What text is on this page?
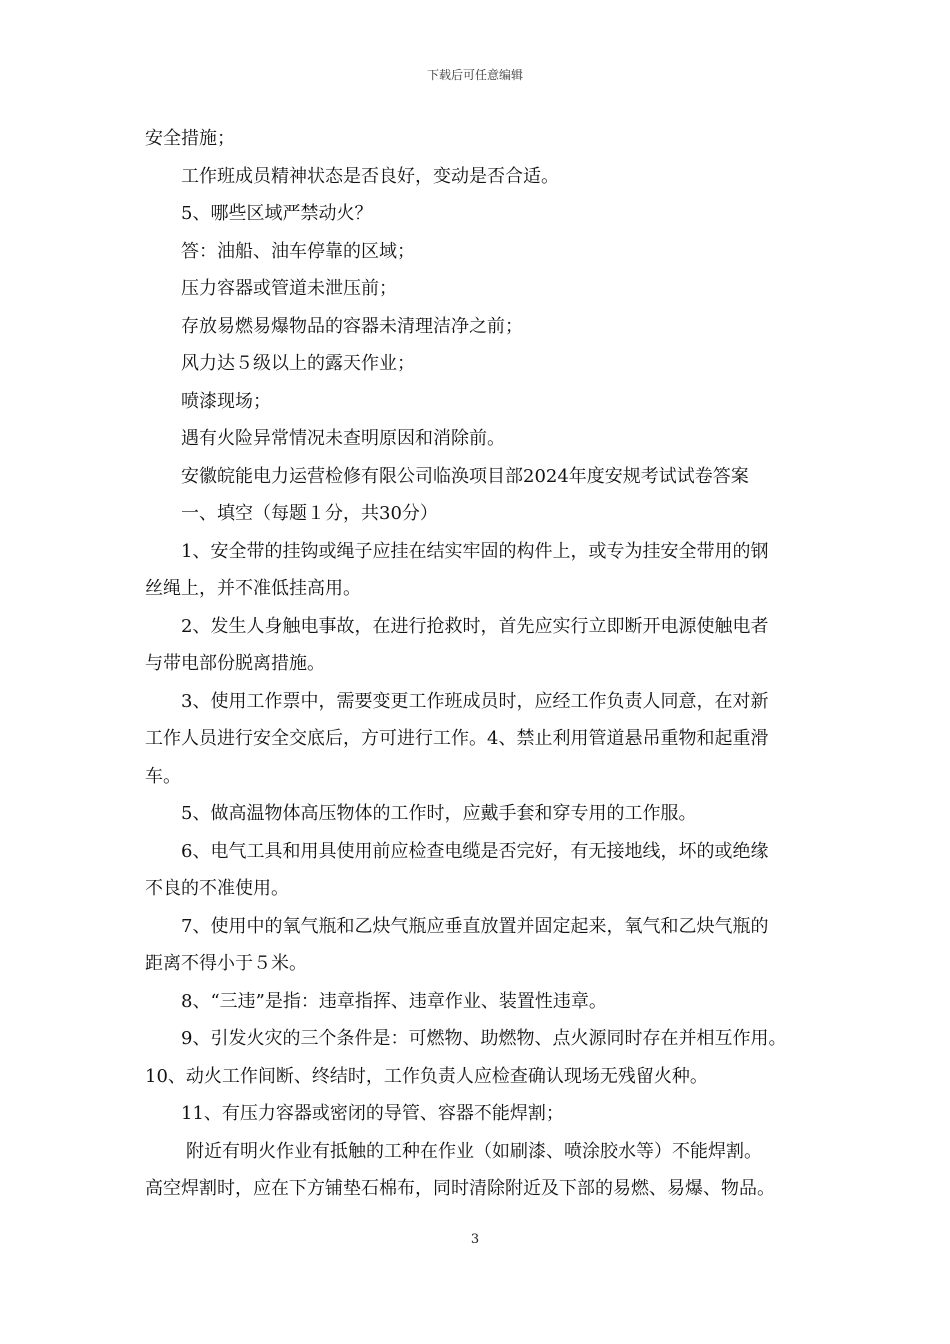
下载后可任意编辑

安全措施；

工作班成员精神状态是否良好，变动是否合适。

5、哪些区域严禁动火？

答：油船、油车停靠的区域；

压力容器或管道未泄压前；

存放易燃易爆物品的容器未清理洁净之前；

风力达５级以上的露天作业；

喷漆现场；

遇有火险异常情况未查明原因和消除前。

安徽皖能电力运营检修有限公司临涣项目部2024年度安规考试试卷答案

一、填空（每题１分，共30分）

1、安全带的挂钩或绳子应挂在结实牢固的构件上，或专为挂安全带用的钢

丝绳上，并不准低挂高用。

2、发生人身触电事故，在进行抢救时，首先应实行立即断开电源使触电者

与带电部份脱离措施。

3、使用工作票中，需要变更工作班成员时，应经工作负责人同意，在对新

工作人员进行安全交底后，方可进行工作。4、禁止利用管道悬吊重物和起重滑

车。

5、做高温物体高压物体的工作时，应戴手套和穿专用的工作服。

6、电气工具和用具使用前应检查电缆是否完好，有无接地线，坏的或绝缘

不良的不准使用。

7、使用中的氧气瓶和乙炔气瓶应垂直放置并固定起来，氧气和乙炔气瓶的

距离不得小于５米。

8、“三违”是指：违章指挥、违章作业、装置性违章。

9、引发火灾的三个条件是：可燃物、助燃物、点火源同时存在并相互作用。

10、动火工作间断、终结时，工作负责人应检查确认现场无残留火种。

11、有压力容器或密闭的导管、容器不能焊割；

附近有明火作业有抵触的工种在作业（如刷漆、喷涂胶水等）不能焊割。

高空焊割时，应在下方铺垫石棉布，同时清除附近及下部的易燃、易爆、物品。

3
